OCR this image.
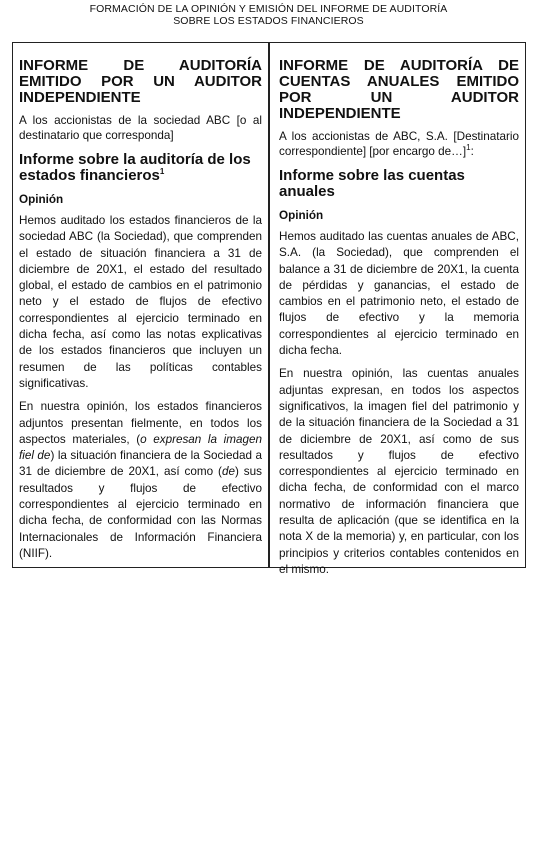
FORMACIÓN DE LA OPINIÓN Y EMISIÓN DEL INFORME DE AUDITORÍA
SOBRE LOS ESTADOS FINANCIEROS
INFORME DE AUDITORÍA EMITIDO POR UN AUDITOR INDEPENDIENTE
A los accionistas de la sociedad ABC [o al destinatario que corresponda]
Informe sobre la auditoría de los estados financieros$^1$
Opinión
Hemos auditado los estados financieros de la sociedad ABC (la Sociedad), que comprenden el estado de situación financiera a 31 de diciembre de 20X1, el estado del resultado global, el estado de cambios en el patrimonio neto y el estado de flujos de efectivo correspondientes al ejercicio terminado en dicha fecha, así como las notas explicativas de los estados financieros que incluyen un resumen de las políticas contables significativas.
En nuestra opinión, los estados financieros adjuntos presentan fielmente, en todos los aspectos materiales, (o expresan la imagen fiel de) la situación financiera de la Sociedad a 31 de diciembre de 20X1, así como (de) sus resultados y flujos de efectivo correspondientes al ejercicio terminado en dicha fecha, de conformidad con las Normas Internacionales de Información Financiera (NIIF).
INFORME DE AUDITORÍA DE CUENTAS ANUALES EMITIDO POR UN AUDITOR INDEPENDIENTE
A los accionistas de ABC, S.A. [Destinatario correspondiente] [por encargo de…]$^1$:
Informe sobre las cuentas anuales
Opinión
Hemos auditado las cuentas anuales de ABC, S.A. (la Sociedad), que comprenden el balance a 31 de diciembre de 20X1, la cuenta de pérdidas y ganancias, el estado de cambios en el patrimonio neto, el estado de flujos de efectivo y la memoria correspondientes al ejercicio terminado en dicha fecha.
En nuestra opinión, las cuentas anuales adjuntas expresan, en todos los aspectos significativos, la imagen fiel del patrimonio y de la situación financiera de la Sociedad a 31 de diciembre de 20X1, así como de sus resultados y flujos de efectivo correspondientes al ejercicio terminado en dicha fecha, de conformidad con el marco normativo de información financiera que resulta de aplicación (que se identifica en la nota X de la memoria) y, en particular, con los principios y criterios contables contenidos en el mismo.
